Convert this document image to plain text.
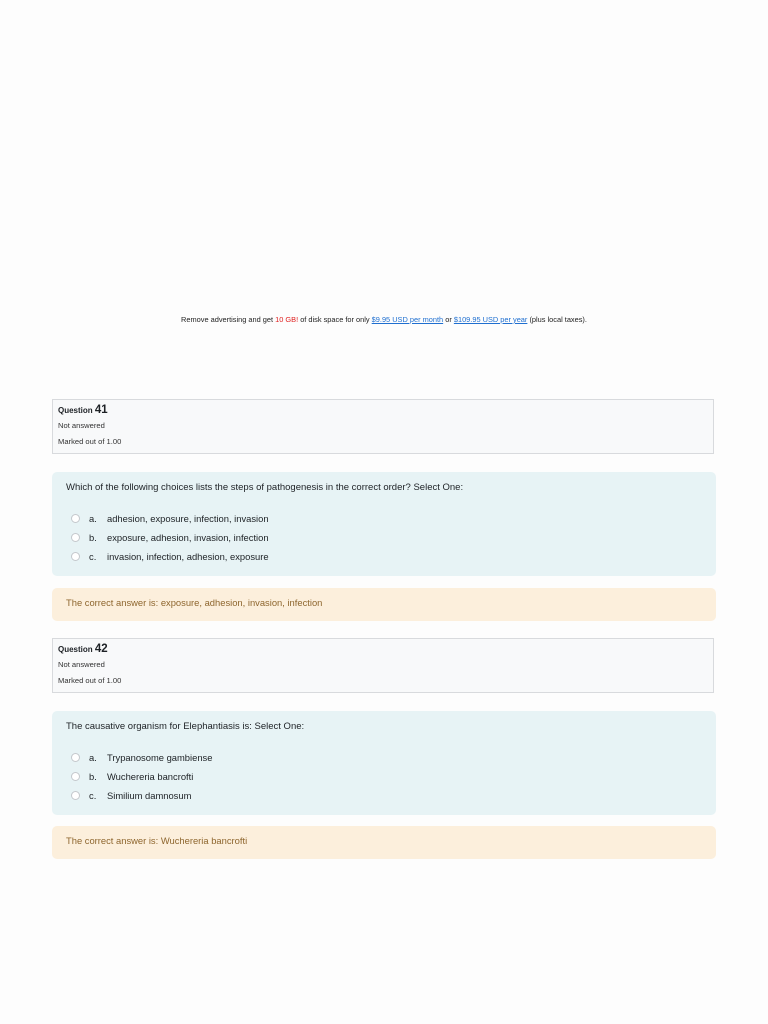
Remove advertising and get 10 GB! of disk space for only $9.95 USD per month or $109.95 USD per year (plus local taxes).
Question 41
Not answered
Marked out of 1.00
Which of the following choices lists the steps of pathogenesis in the correct order? Select One:
a.	adhesion, exposure, infection, invasion
b.	exposure, adhesion, invasion, infection
c.	invasion, infection, adhesion, exposure
The correct answer is: exposure, adhesion, invasion, infection
Question 42
Not answered
Marked out of 1.00
The causative organism for Elephantiasis is: Select One:
a.	Trypanosome gambiense
b.	Wuchereria bancrofti
c.	Similium damnosum
The correct answer is: Wuchereria bancrofti
